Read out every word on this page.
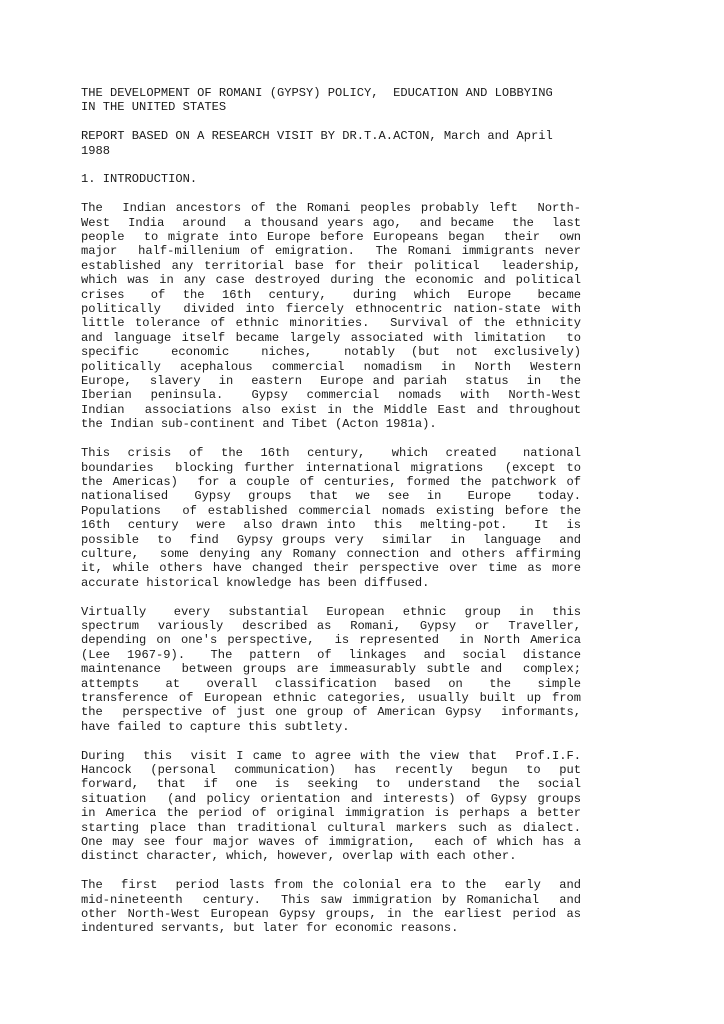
THE DEVELOPMENT OF ROMANI (GYPSY) POLICY,  EDUCATION AND LOBBYING
IN THE UNITED STATES

REPORT BASED ON A RESEARCH VISIT BY DR.T.A.ACTON, March and April
1988

1. INTRODUCTION.

The  Indian ancestors of the Romani peoples probably left  North-
West  India  around  a thousand years ago,  and became  the  last
people  to migrate into Europe before Europeans began  their  own
major  half-millenium of emigration.  The Romani immigrants never
established any territorial base for their political  leadership,
which was in any case destroyed during the economic and political
crises   of  the  16th  century,   during  which  Europe   became
politically  divided into fiercely ethnocentric nation-state with
little tolerance of ethnic minorities.  Survival of the ethnicity
and language itself became largely associated with limitation  to
specific    economic    niches,    notably  (but  not  exclusively)
politically  acephalous  commercial  nomadism  in  North  Western
Europe,  slavery  in  eastern  Europe and pariah  status  in  the
Iberian  peninsula.   Gypsy  commercial  nomads  with  North-West
Indian  associations also exist in the Middle East and throughout
the Indian sub-continent and Tibet (Acton 1981a).

This  crisis  of  the  16th  century,   which  created   national
boundaries  blocking further international migrations  (except to
the Americas)  for a couple of centuries, formed the patchwork of
nationalised   Gypsy  groups  that  we  see  in   Europe   today.
Populations  of established commercial nomads existing before the
16th  century  were  also drawn into  this  melting-pot.   It  is
possible  to  find  Gypsy groups very  similar  in  language  and
culture,  some denying any Romany connection and others affirming
it, while others have changed their perspective over time as more
accurate historical knowledge has been diffused.

Virtually   every  substantial  European  ethnic  group  in  this
spectrum  variously  described as  Romani,  Gypsy  or  Traveller,
depending on one's perspective,  is represented  in North America
(Lee  1967-9).   The  pattern  of  linkages  and  social  distance
maintenance  between groups are immeasurably subtle and  complex;
attempts   at   overall  classification  based  on   the   simple
transference of European ethnic categories, usually built up from
the  perspective of just one group of American Gypsy  informants,
have failed to capture this subtlety.

During  this  visit I came to agree with the view that  Prof.I.F.
Hancock  (personal  communication)  has  recently  begun  to  put
forward,  that  if  one  is  seeking  to  understand  the  social
situation  (and policy orientation and interests) of Gypsy groups
in America the period of original immigration is perhaps a better
starting place than traditional cultural markers such as dialect.
One may see four major waves of immigration,  each of which has a
distinct character, which, however, overlap with each other.

The  first  period lasts from the colonial era to the  early  and
mid-nineteenth  century.  This saw immigration by Romanichal  and
other North-West European Gypsy groups, in the earliest period as
indentured servants, but later for economic reasons.
